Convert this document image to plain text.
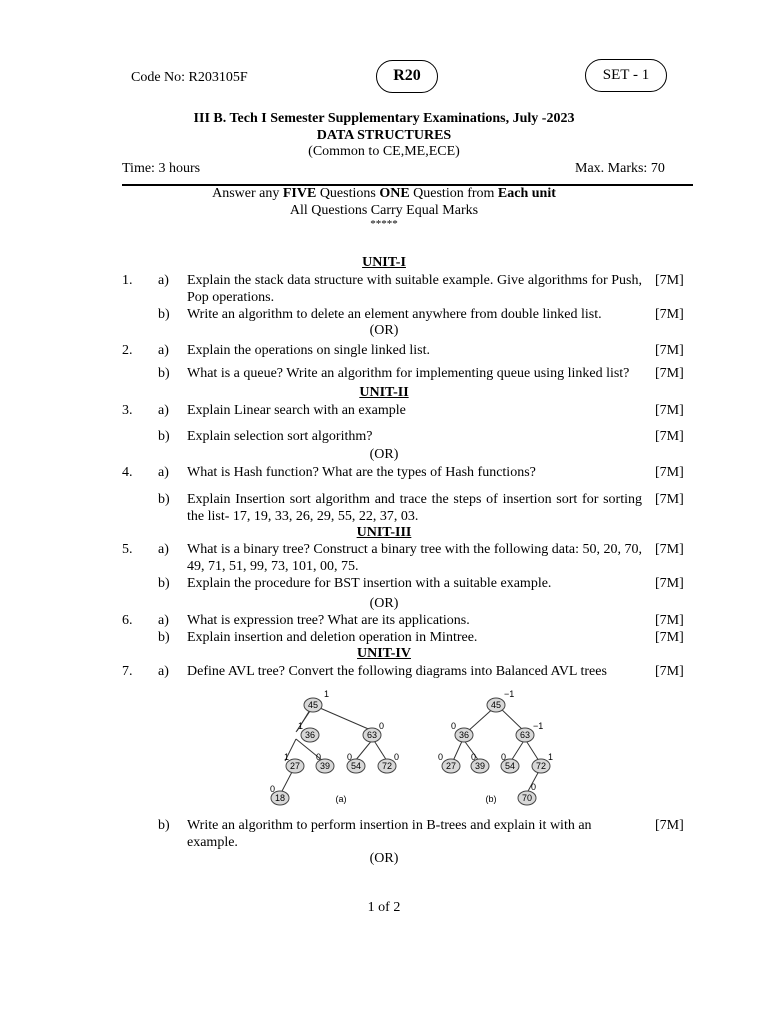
Code No: R203105F	R20	SET - 1
III B. Tech I Semester Supplementary Examinations, July -2023
DATA STRUCTURES
(Common to CE,ME,ECE)
Time: 3 hours	Max. Marks: 70
Answer any FIVE Questions ONE Question from Each unit
All Questions Carry Equal Marks
*****
UNIT-I
1. a) Explain the stack data structure with suitable example. Give algorithms for Push, Pop operations.
[7M]
b) Write an algorithm to delete an element anywhere from double linked list.	[7M]
(OR)
2. a) Explain the operations on single linked list.	[7M]
b) What is a queue? Write an algorithm for implementing queue using linked list?	[7M]
UNIT-II
3. a) Explain Linear search with an example	[7M]
b) Explain selection sort algorithm?	[7M]
(OR)
4. a) What is Hash function? What are the types of Hash functions?	[7M]
b) Explain Insertion sort algorithm and trace the steps of insertion sort for sorting the list- 17, 19, 33, 26, 29, 55, 22, 37, 03.
[7M]
UNIT-III
5. a) What is a binary tree? Construct a binary tree with the following data: 50, 20, 70, 49, 71, 51, 99, 73, 101, 00, 75.
[7M]
b) Explain the procedure for BST insertion with a suitable example.	[7M]
(OR)
6. a) What is expression tree? What are its applications.	[7M]
b) Explain insertion and deletion operation in Mintree.	[7M]
UNIT-IV
7. a) Define AVL tree? Convert the following diagrams into Balanced AVL trees	[7M]
45
36	63
27 39 54 72
18
1
1	0
1	0	0	0
0
(a)
45
36	63
27 39 54 72
70
−1
0	−1
0	0	0	1
0
(b)
b) Write an algorithm to perform insertion in B-trees and explain it with an example.
[7M]
(OR)
1 of 2
